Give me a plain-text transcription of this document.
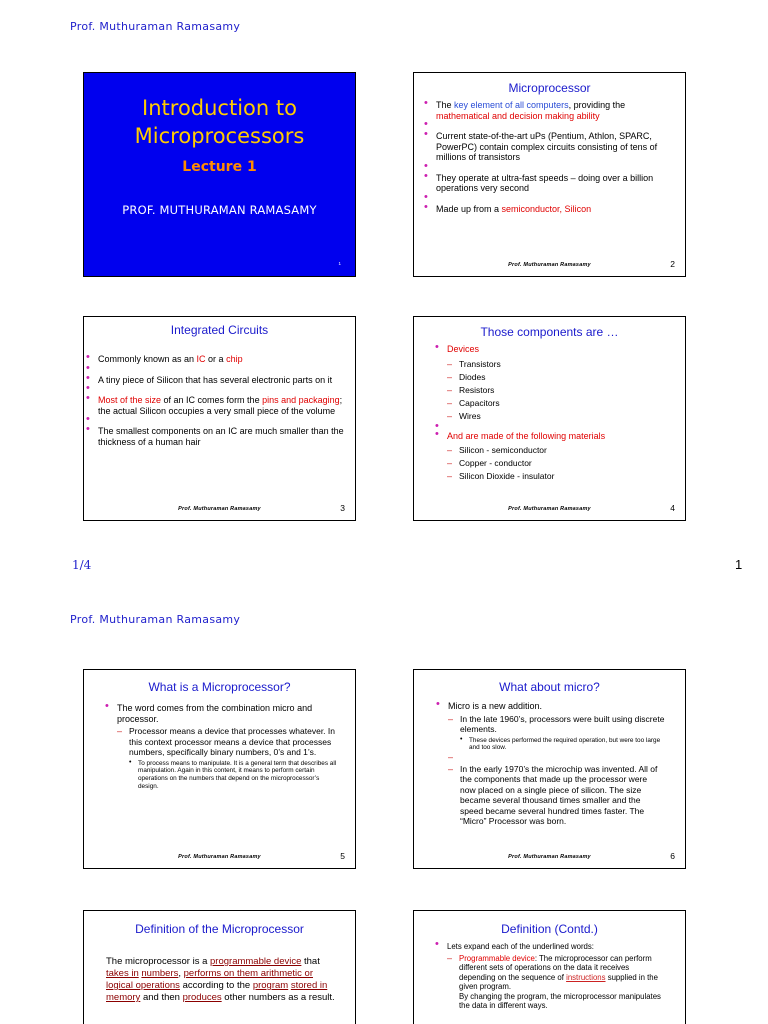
Prof. Muthuraman Ramasamy
Introduction to
Microprocessors
Lecture 1
PROF. MUTHURAMAN RAMASAMY
1
Microprocessor
• The key element of all computers, providing the mathematical and decision making ability
•
• Current state-of-the-art uPs (Pentium, Athlon, SPARC, PowerPC) contain complex circuits consisting of tens of millions of transistors
•
• They operate at ultra-fast speeds – doing over a billion operations very second
•
• Made up from a semiconductor, Silicon
Prof. Muthuraman Ramasamy	2
Integrated Circuits
• Commonly known as an IC or a chip
•
• A tiny piece of Silicon that has several electronic parts on it
•
• Most of the size of an IC comes form the pins and packaging; the actual Silicon occupies a very small piece of the volume
•
• The smallest components on an IC are much smaller than the thickness of a human hair
Prof. Muthuraman Ramasamy	3
Those components are …
• Devices
– Transistors
– Diodes
– Resistors
– Capacitors
– Wires
•
• And are made of the following materials
– Silicon - semiconductor
– Copper - conductor
– Silicon Dioxide - insulator
Prof. Muthuraman Ramasamy	4
1/4	1
Prof. Muthuraman Ramasamy
What is a Microprocessor?
• The word comes from the combination micro and processor.
– Processor means a device that processes whatever. In this context processor means a device that processes numbers, specifically binary numbers, 0’s and 1’s.
• To process means to manipulate. It is a general term that describes all manipulation. Again in this content, it means to perform certain operations on the numbers that depend on the microprocessor’s design.
Prof. Muthuraman Ramasamy	5
What about micro?
• Micro is a new addition.
– In the late 1960’s, processors were built using discrete elements.
• These devices performed the required operation, but were too large and too slow.
–
– In the early 1970’s the microchip was invented. All of the components that made up the processor were now placed on a single piece of silicon. The size became several thousand times smaller and the speed became several hundred times faster. The “Micro” Processor was born.
Prof. Muthuraman Ramasamy	6
Definition of the Microprocessor
The microprocessor is a programmable device that takes in numbers, performs on them arithmetic or logical operations according to the program stored in memory and then produces other numbers as a result.
Definition (Contd.)
• Lets expand each of the underlined words:
– Programmable device: The microprocessor can perform different sets of operations on the data it receives depending on the sequence of instructions supplied in the given program.
By changing the program, the microprocessor manipulates the data in different ways.
